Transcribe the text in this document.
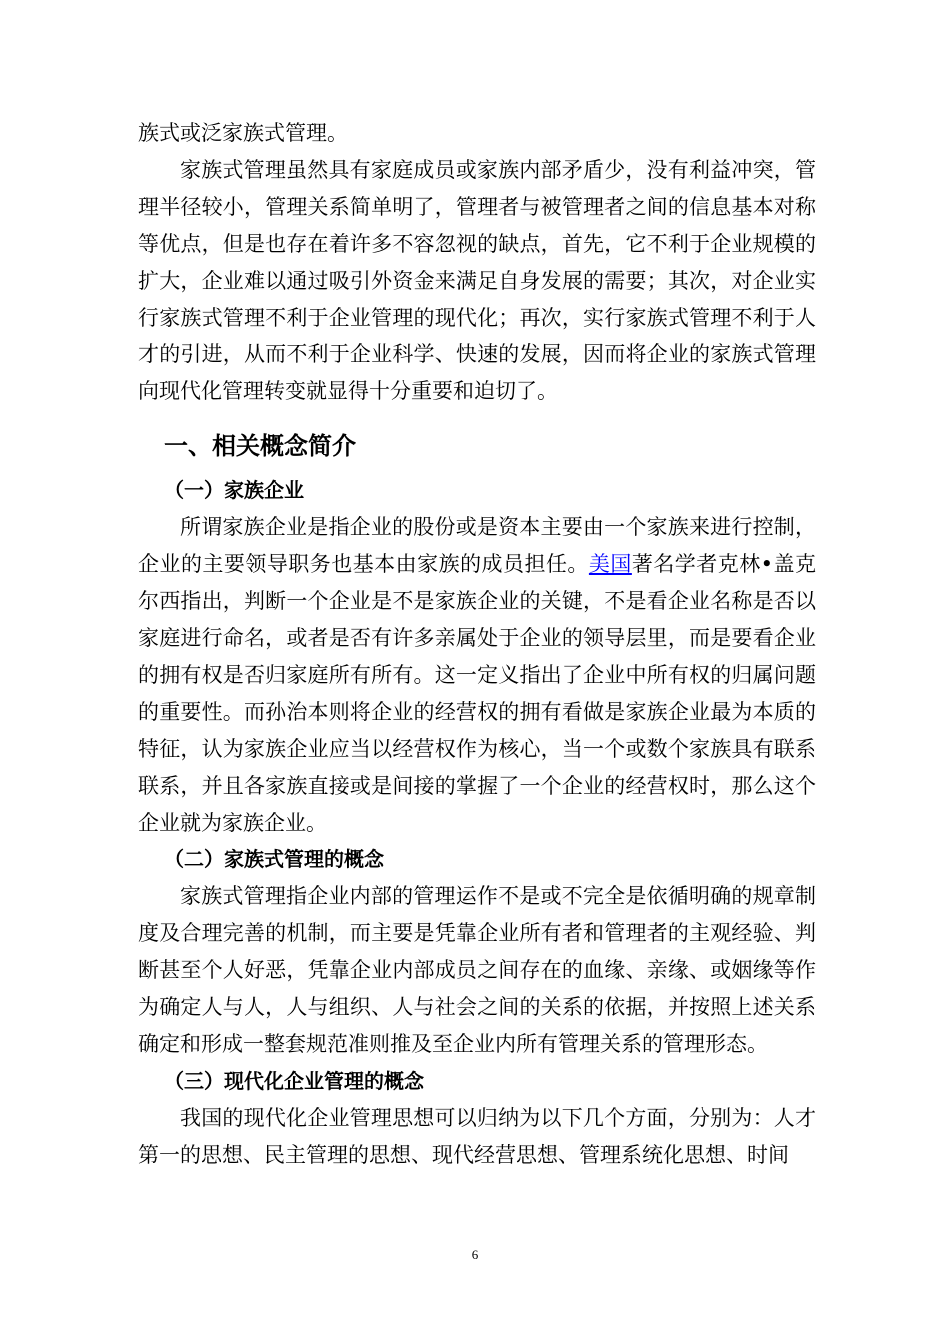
族式或泛家族式管理。

家族式管理虽然具有家庭成员或家族内部矛盾少，没有利益冲突，管理半径较小，管理关系简单明了，管理者与被管理者之间的信息基本对称等优点，但是也存在着许多不容忽视的缺点，首先，它不利于企业规模的扩大，企业难以通过吸引外资金来满足自身发展的需要；其次，对企业实行家族式管理不利于企业管理的现代化；再次，实行家族式管理不利于人才的引进，从而不利于企业科学、快速的发展，因而将企业的家族式管理向现代化管理转变就显得十分重要和迫切了。

一、相关概念简介
（一）家族企业

所谓家族企业是指企业的股份或是资本主要由一个家族来进行控制，企业的主要领导职务也基本由家族的成员担任。美国著名学者克林•盖克尔西指出，判断一个企业是不是家族企业的关键，不是看企业名称是否以家庭进行命名，或者是否有许多亲属处于企业的领导层里，而是要看企业的拥有权是否归家庭所有所有。这一定义指出了企业中所有权的归属问题的重要性。而孙治本则将企业的经营权的拥有看做是家族企业最为本质的特征，认为家族企业应当以经营权作为核心，当一个或数个家族具有联系联系，并且各家族直接或是间接的掌握了一个企业的经营权时，那么这个企业就为家族企业。

（二）家族式管理的概念

家族式管理指企业内部的管理运作不是或不完全是依循明确的规章制度及合理完善的机制，而主要是凭靠企业所有者和管理者的主观经验、判断甚至个人好恶，凭靠企业内部成员之间存在的血缘、亲缘、或姻缘等作为确定人与人，人与组织、人与社会之间的关系的依据，并按照上述关系确定和形成一整套规范准则推及至企业内所有管理关系的管理形态。

（三）现代化企业管理的概念

我国的现代化企业管理思想可以归纳为以下几个方面，分别为：人才第一的思想、民主管理的思想、现代经营思想、管理系统化思想、时间

6
